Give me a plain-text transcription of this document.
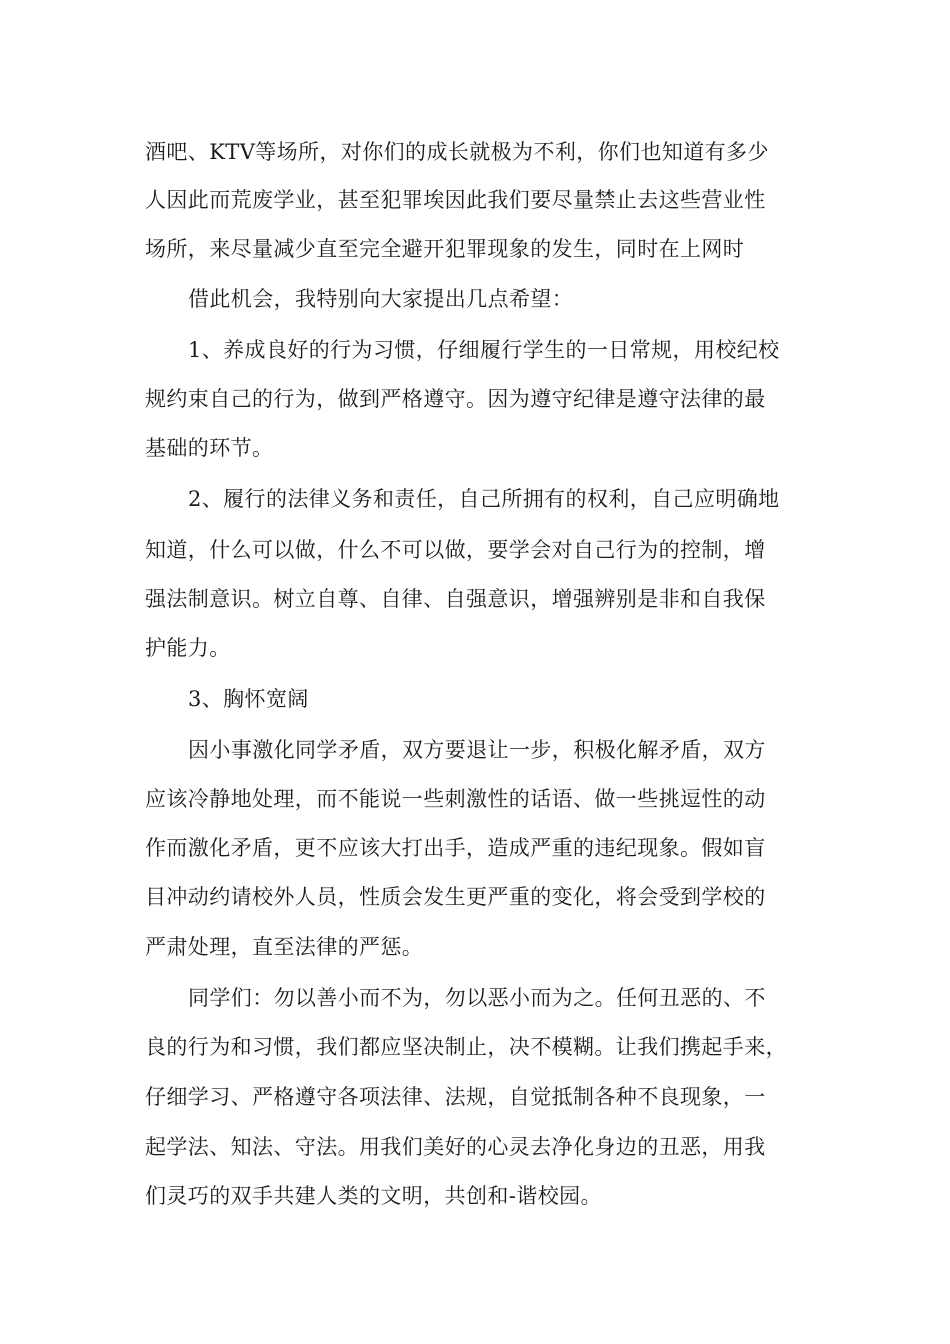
酒吧、KTV等场所，对你们的成长就极为不利，你们也知道有多少

人因此而荒废学业，甚至犯罪埃因此我们要尽量禁止去这些营业性

场所，来尽量减少直至完全避开犯罪现象的发生，同时在上网时

借此机会，我特别向大家提出几点希望：

1、养成良好的行为习惯，仔细履行学生的一日常规，用校纪校

规约束自己的行为，做到严格遵守。因为遵守纪律是遵守法律的最

基础的环节。

2、履行的法律义务和责任，自己所拥有的权利，自己应明确地

知道，什么可以做，什么不可以做，要学会对自己行为的控制，增

强法制意识。树立自尊、自律、自强意识，增强辨别是非和自我保

护能力。

3、胸怀宽阔

因小事激化同学矛盾，双方要退让一步，积极化解矛盾，双方

应该冷静地处理，而不能说一些刺激性的话语、做一些挑逗性的动

作而激化矛盾，更不应该大打出手，造成严重的违纪现象。假如盲

目冲动约请校外人员，性质会发生更严重的变化，将会受到学校的

严肃处理，直至法律的严惩。

同学们：勿以善小而不为，勿以恶小而为之。任何丑恶的、不

良的行为和习惯，我们都应坚决制止，决不模糊。让我们携起手来，

仔细学习、严格遵守各项法律、法规，自觉抵制各种不良现象，一

起学法、知法、守法。用我们美好的心灵去净化身边的丑恶，用我

们灵巧的双手共建人类的文明，共创和-谐校园。
